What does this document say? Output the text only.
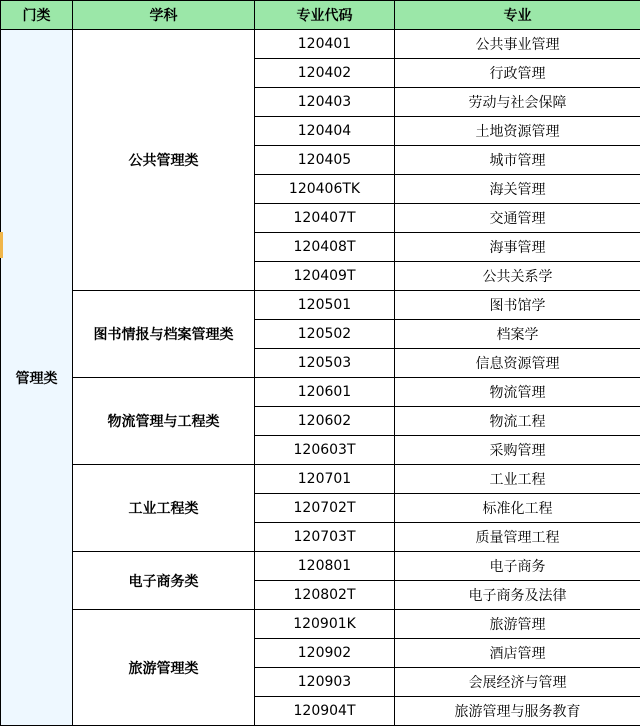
门类	学科	专业代码	专业
管理类	公共管理类	120401	公共事业管理
		120402	行政管理
		120403	劳动与社会保障
		120404	土地资源管理
		120405	城市管理
		120406TK	海关管理
		120407T	交通管理
		120408T	海事管理
		120409T	公共关系学
	图书情报与档案管理类	120501	图书馆学
		120502	档案学
		120503	信息资源管理
	物流管理与工程类	120601	物流管理
		120602	物流工程
		120603T	采购管理
	工业工程类	120701	工业工程
		120702T	标准化工程
		120703T	质量管理工程
	电子商务类	120801	电子商务
		120802T	电子商务及法律
	旅游管理类	120901K	旅游管理
		120902	酒店管理
		120903	会展经济与管理
		120904T	旅游管理与服务教育
